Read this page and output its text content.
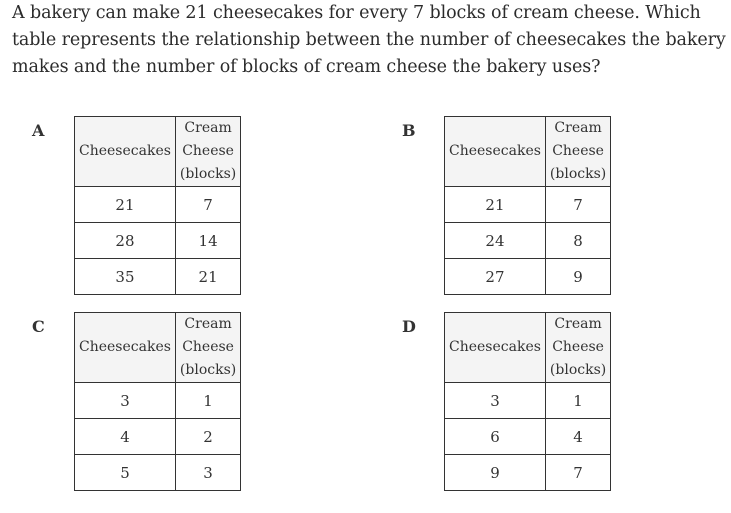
A bakery can make 21 cheesecakes for every 7 blocks of cream cheese. Which table represents the relationship between the number of cheesecakes the bakery makes and the number of blocks of cream cheese the bakery uses?
A
Cheesecakes	Cream Cheese
(blocks)

21	7
28	14
35	21
B
Cheesecakes	Cream Cheese
(blocks)

21	7
24	8
27	9
C
Cheesecakes	Cream Cheese
(blocks)

3	1
4	2
5	3
D
Cheesecakes	Cream Cheese
(blocks)

3	1
6	4
9	7
